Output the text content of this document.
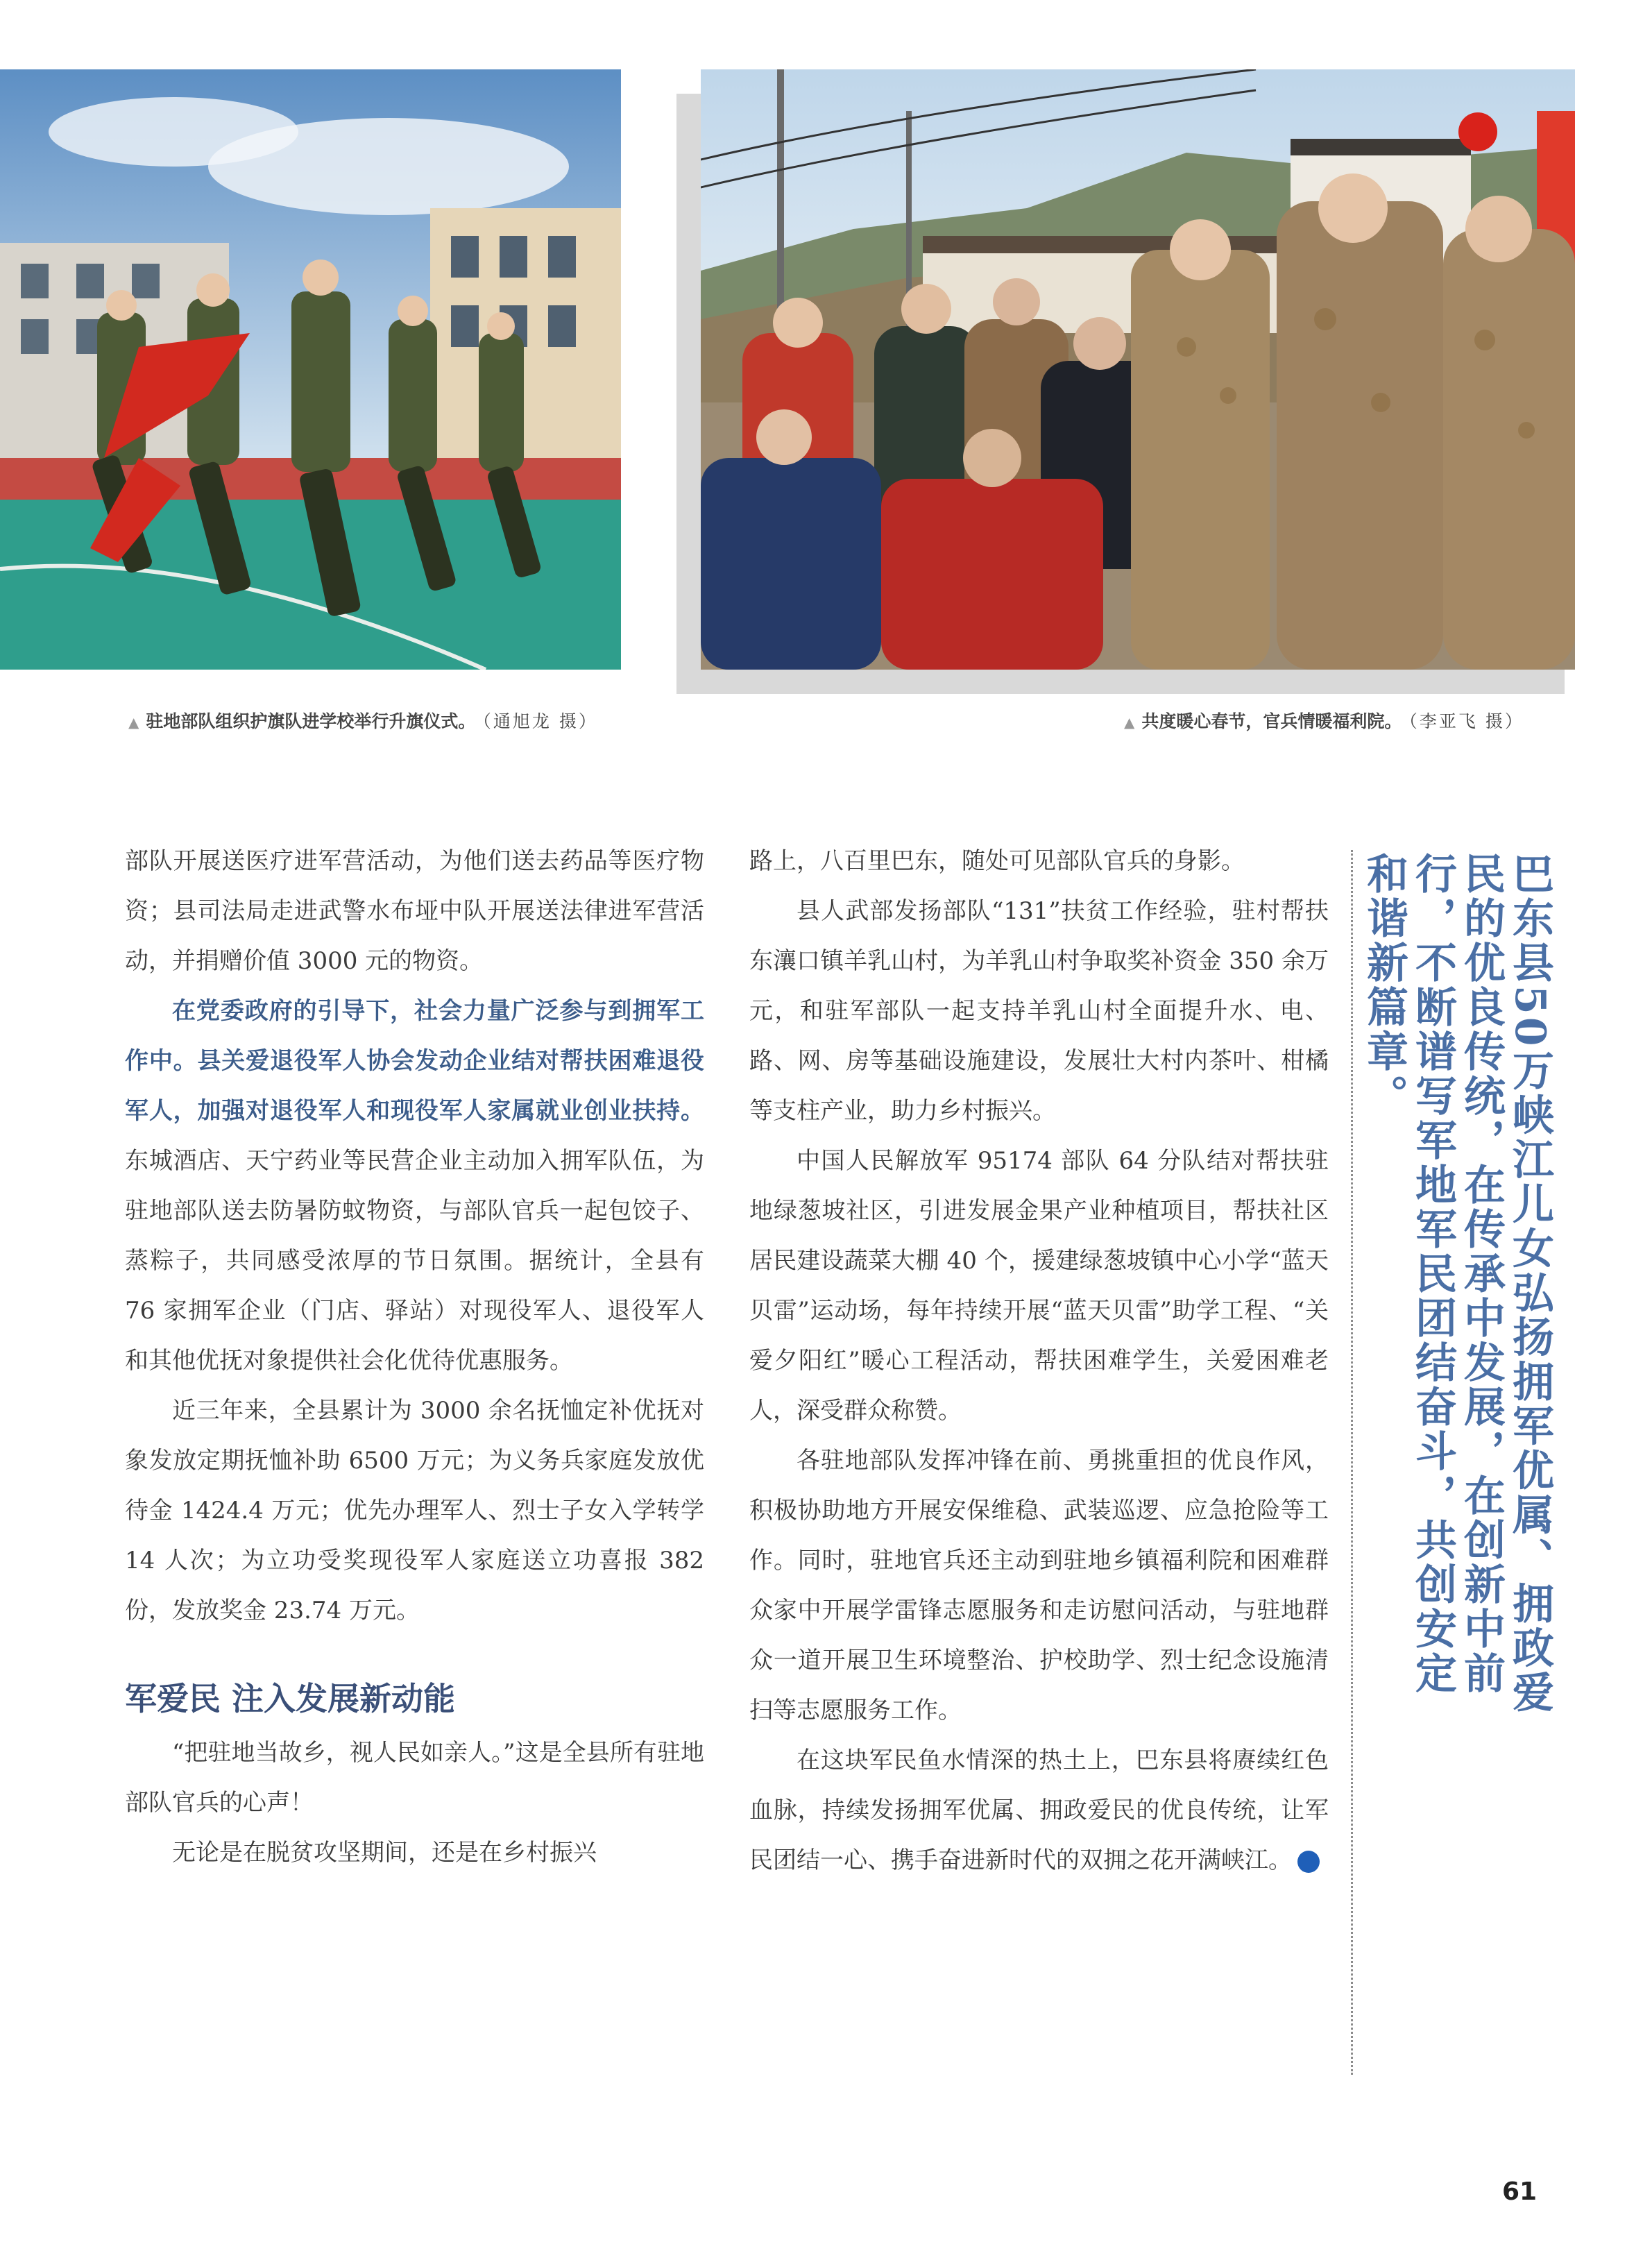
▲ 驻地部队组织护旗队进学校举行升旗仪式。 （通旭龙 摄）	▲ 共度暖心春节，官兵情暖福利院。 （李亚飞 摄）

部队开展送医疗进军营活动，为他们送去药品等医疗物资；县司法局走进武警水布垭中队开展送法律进军营活动，并捐赠价值 3000 元的物资。

在党委政府的引导下，社会力量广泛参与到拥军工作中。县关爱退役军人协会发动企业结对帮扶困难退役军人，加强对退役军人和现役军人家属就业创业扶持。东城酒店、天宁药业等民营企业主动加入拥军队伍，为驻地部队送去防暑防蚊物资，与部队官兵一起包饺子、蒸粽子，共同感受浓厚的节日氛围。据统计，全县有 76 家拥军企业（门店、驿站）对现役军人、退役军人和其他优抚对象提供社会化优待优惠服务。

近三年来，全县累计为 3000 余名抚恤定补优抚对象发放定期抚恤补助 6500 万元；为义务兵家庭发放优待金 1424.4 万元；优先办理军人、烈士子女入学转学 14 人次；为立功受奖现役军人家庭送立功喜报 382 份，发放奖金 23.74 万元。

军爱民 注入发展新动能

“把驻地当故乡，视人民如亲人。”这是全县所有驻地部队官兵的心声！

无论是在脱贫攻坚期间，还是在乡村振兴

路上，八百里巴东，随处可见部队官兵的身影。

县人武部发扬部队“131”扶贫工作经验，驻村帮扶东瀼口镇羊乳山村，为羊乳山村争取奖补资金 350 余万元，和驻军部队一起支持羊乳山村全面提升水、电、路、网、房等基础设施建设，发展壮大村内茶叶、柑橘等支柱产业，助力乡村振兴。

中国人民解放军 95174 部队 64 分队结对帮扶驻地绿葱坡社区，引进发展金果产业种植项目，帮扶社区居民建设蔬菜大棚 40 个，援建绿葱坡镇中心小学“蓝天贝雷”运动场，每年持续开展“蓝天贝雷”助学工程、“关爱夕阳红”暖心工程活动，帮扶困难学生，关爱困难老人，深受群众称赞。

各驻地部队发挥冲锋在前、勇挑重担的优良作风，积极协助地方开展安保维稳、武装巡逻、应急抢险等工作。同时，驻地官兵还主动到驻地乡镇福利院和困难群众家中开展学雷锋志愿服务和走访慰问活动，与驻地群众一道开展卫生环境整治、护校助学、烈士纪念设施清扫等志愿服务工作。

在这块军民鱼水情深的热土上，巴东县将赓续红色血脉，持续发扬拥军优属、拥政爱民的优良传统，让军民团结一心、携手奋进新时代的双拥之花开满峡江。	N

巴东县50万峡江儿女弘扬拥军优属、拥政爱民的优良传统，在传承中发展，在创新中前行，不断谱写军地军民团结奋斗，共创安定和谐新篇章。
61
